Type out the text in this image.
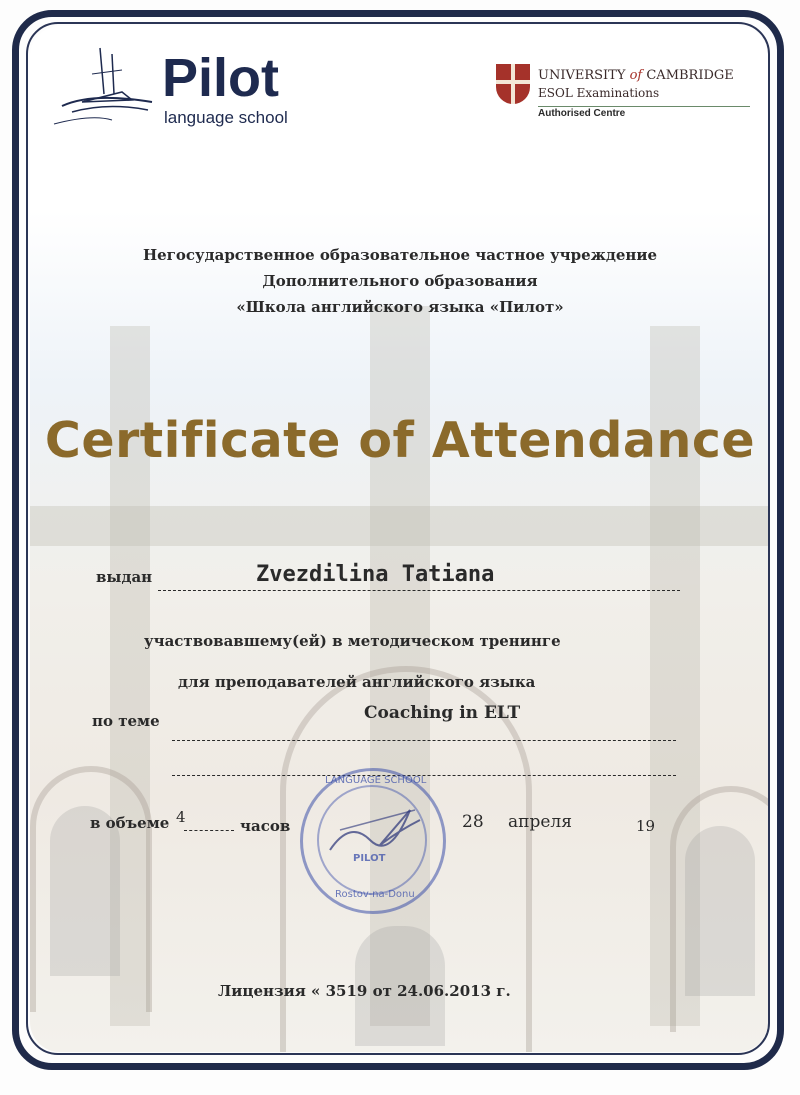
Pilot
language school
UNIVERSITY of CAMBRIDGE
ESOL Examinations
Authorised Centre
Негосударственное образовательное частное учреждение
Дополнительного образования
«Школа английского языка «Пилот»
Certificate of Attendance
выдан	Zvezdilina Tatiana
участвовавшему(ей) в методическом тренинге
для преподавателей английского языка
по теме	Coaching in ELT
LANGUAGE SCHOOL
PILOT
Rostov-na-Donu
в объеме 4	часов	28 апреля	19
Лицензия « 3519 от 24.06.2013 г.
